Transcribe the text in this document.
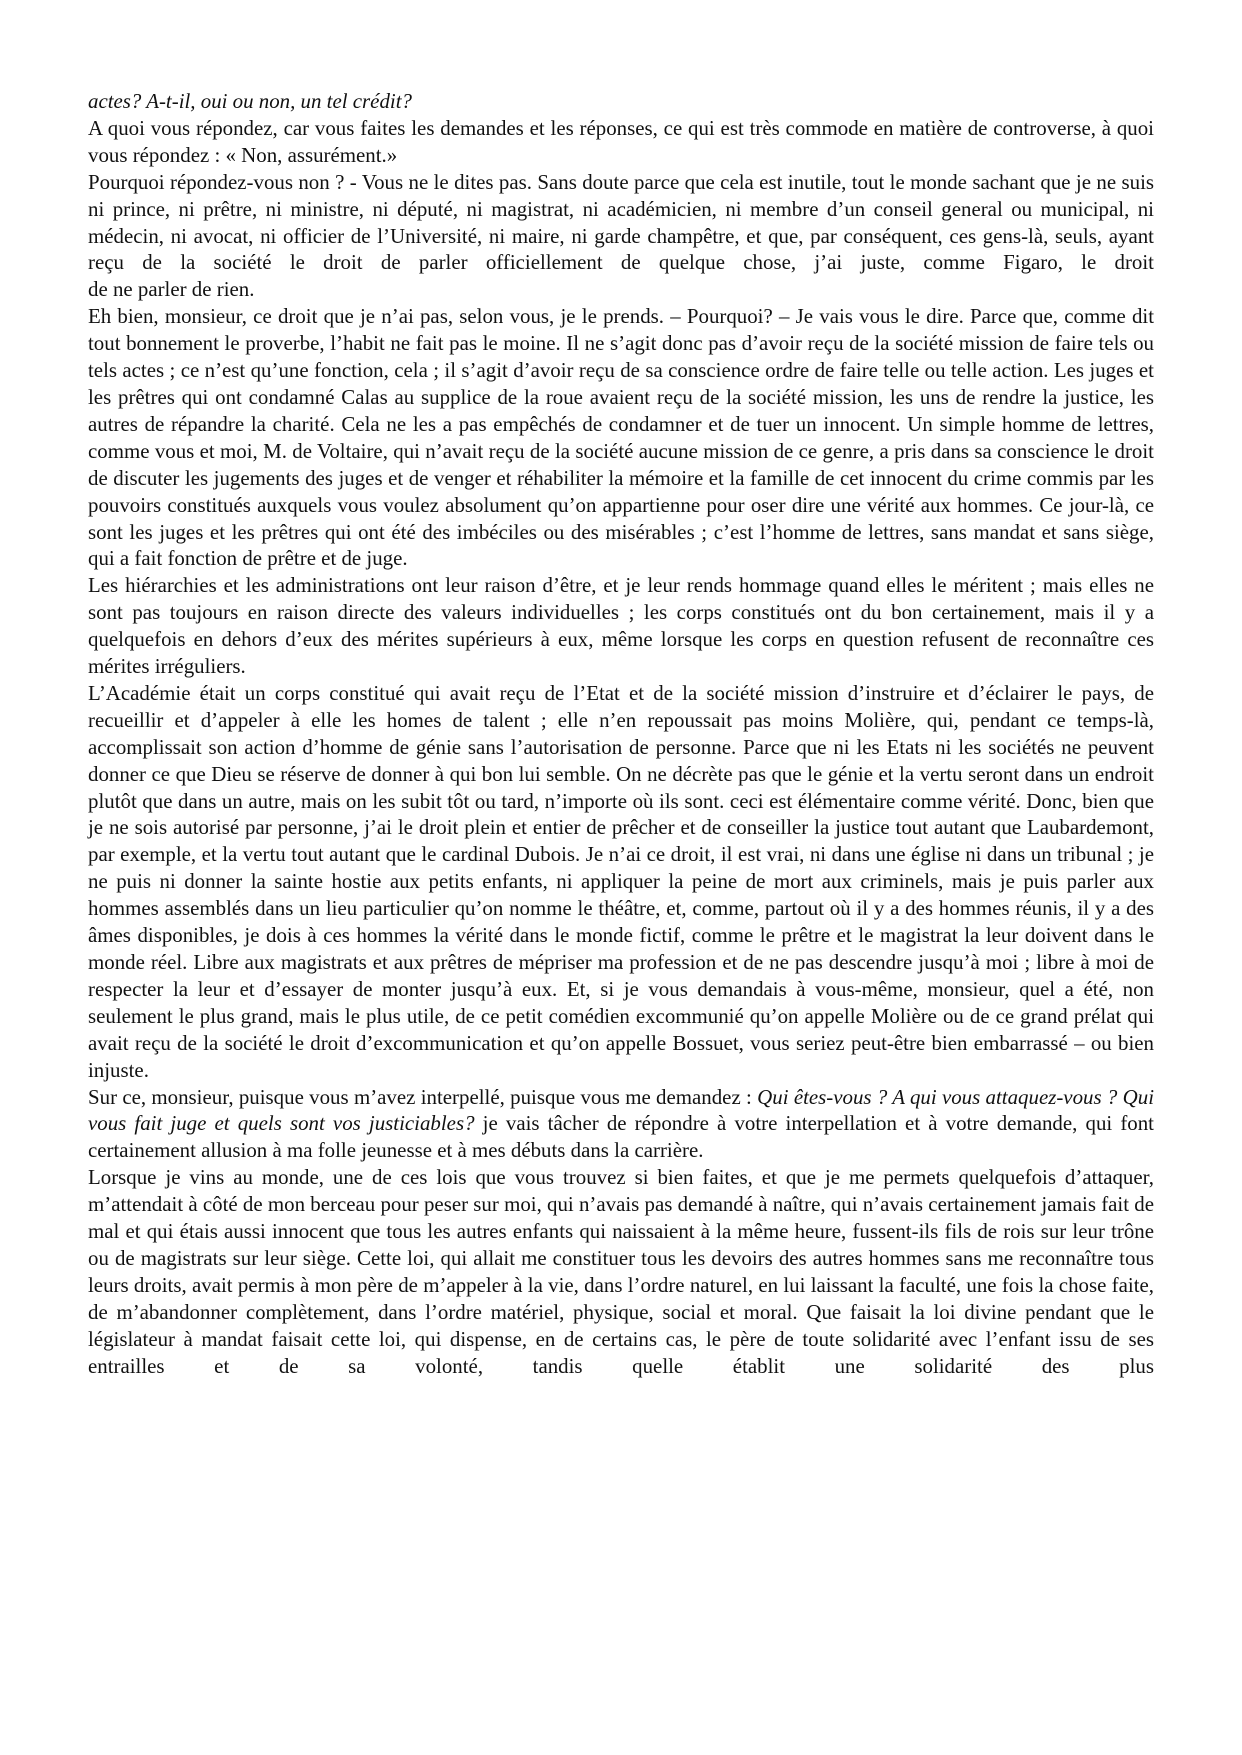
actes? A-t-il, oui ou non, un tel crédit?

A quoi vous répondez, car vous faites les demandes et les réponses, ce qui est très commode en matière de controverse, à quoi vous répondez : « Non, assurément.»

Pourquoi répondez-vous non ? - Vous ne le dites pas. Sans doute parce que cela est inutile, tout le monde sachant que je ne suis ni prince, ni prêtre, ni ministre, ni député, ni magistrat, ni académicien, ni membre d’un conseil general ou municipal, ni médecin, ni avocat, ni officier de l’Université, ni maire, ni garde champêtre, et que, par conséquent, ces gens-là, seuls, ayant reçu de la société le droit de parler officiellement de quelque chose, j’ai juste, comme Figaro, le droit

de ne parler de rien.

Eh bien, monsieur, ce droit que je n’ai pas, selon vous, je le prends. – Pourquoi? – Je vais vous le dire. Parce que, comme dit tout bonnement le proverbe, l’habit ne fait pas le moine. Il ne s’agit donc pas d’avoir reçu de la société mission de faire tels ou tels actes ; ce n’est qu’une fonction, cela ; il s’agit d’avoir reçu de sa conscience ordre de faire telle ou telle action. Les juges et les prêtres qui ont condamné Calas au supplice de la roue avaient reçu de la société mission, les uns de rendre la justice, les autres de répandre la charité. Cela ne les a pas empêchés de condamner et de tuer un innocent. Un simple homme de lettres, comme vous et moi, M. de Voltaire, qui n’avait reçu de la société aucune mission de ce genre, a pris dans sa conscience le droit de discuter les jugements des juges et de venger et réhabiliter la mémoire et la famille de cet innocent du crime commis par les pouvoirs constitués auxquels vous voulez absolument qu’on appartienne pour oser dire une vérité aux hommes. Ce jour-là, ce sont les juges et les prêtres qui ont été des imbéciles ou des misérables ; c’est l’homme de lettres, sans mandat et sans siège, qui a fait fonction de prêtre et de juge.

Les hiérarchies et les administrations ont leur raison d’être, et je leur rends hommage quand elles le méritent ; mais elles ne sont pas toujours en raison directe des valeurs individuelles ; les corps constitués ont du bon certainement, mais il y a quelquefois en dehors d’eux des mérites supérieurs à eux, même lorsque les corps en question refusent de reconnaître ces mérites irréguliers.

L’Académie était un corps constitué qui avait reçu de l’Etat et de la société mission d’instruire et d’éclairer le pays, de recueillir et d’appeler à elle les homes de talent ; elle n’en repoussait pas moins Molière, qui, pendant ce temps-là, accomplissait son action d’homme de génie sans l’autorisation de personne. Parce que ni les Etats ni les sociétés ne peuvent donner ce que Dieu se réserve de donner à qui bon lui semble. On ne décrète pas que le génie et la vertu seront dans un endroit plutôt que dans un autre, mais on les subit tôt ou tard, n’importe où ils sont. ceci est élémentaire comme vérité. Donc, bien que je ne sois autorisé par personne, j’ai le droit plein et entier de prêcher et de conseiller la justice tout autant que Laubardemont, par exemple, et la vertu tout autant que le cardinal Dubois. Je n’ai ce droit, il est vrai, ni dans une église ni dans un tribunal ; je ne puis ni donner la sainte hostie aux petits enfants, ni appliquer la peine de mort aux criminels, mais je puis parler aux hommes assemblés dans un lieu particulier qu’on nomme le théâtre, et, comme, partout où il y a des hommes réunis, il y a des âmes disponibles, je dois à ces hommes la vérité dans le monde fictif, comme le prêtre et le magistrat la leur doivent dans le monde réel. Libre aux magistrats et aux prêtres de mépriser ma profession et de ne pas descendre jusqu’à moi ; libre à moi de respecter la leur et d’essayer de monter jusqu’à eux. Et, si je vous demandais à vous-même, monsieur, quel a été, non seulement le plus grand, mais le plus utile, de ce petit comédien excommunié qu’on appelle Molière ou de ce grand prélat qui avait reçu de la société le droit d’excommunication et qu’on appelle Bossuet, vous seriez peut-être bien embarrassé – ou bien injuste.

Sur ce, monsieur, puisque vous m’avez interpellé, puisque vous me demandez : Qui êtes-vous ? A qui vous attaquez-vous ? Qui vous fait juge et quels sont vos justiciables? je vais tâcher de répondre à votre interpellation et à votre demande, qui font certainement allusion à ma folle jeunesse et à mes débuts dans la carrière.

Lorsque je vins au monde, une de ces lois que vous trouvez si bien faites, et que je me permets quelquefois d’attaquer, m’attendait à côté de mon berceau pour peser sur moi, qui n’avais pas demandé à naître, qui n’avais certainement jamais fait de mal et qui étais aussi innocent que tous les autres enfants qui naissaient à la même heure, fussent-ils fils de rois sur leur trône ou de magistrats sur leur siège. Cette loi, qui allait me constituer tous les devoirs des autres hommes sans me reconnaître tous leurs droits, avait permis à mon père de m’appeler à la vie, dans l’ordre naturel, en lui laissant la faculté, une fois la chose faite, de m’abandonner complètement, dans l’ordre matériel, physique, social et moral. Que faisait la loi divine pendant que le législateur à mandat faisait cette loi, qui dispense, en de certains cas, le père de toute solidarité avec l’enfant issu de ses entrailles et de sa volonté, tandis quelle établit une solidarité des plus
